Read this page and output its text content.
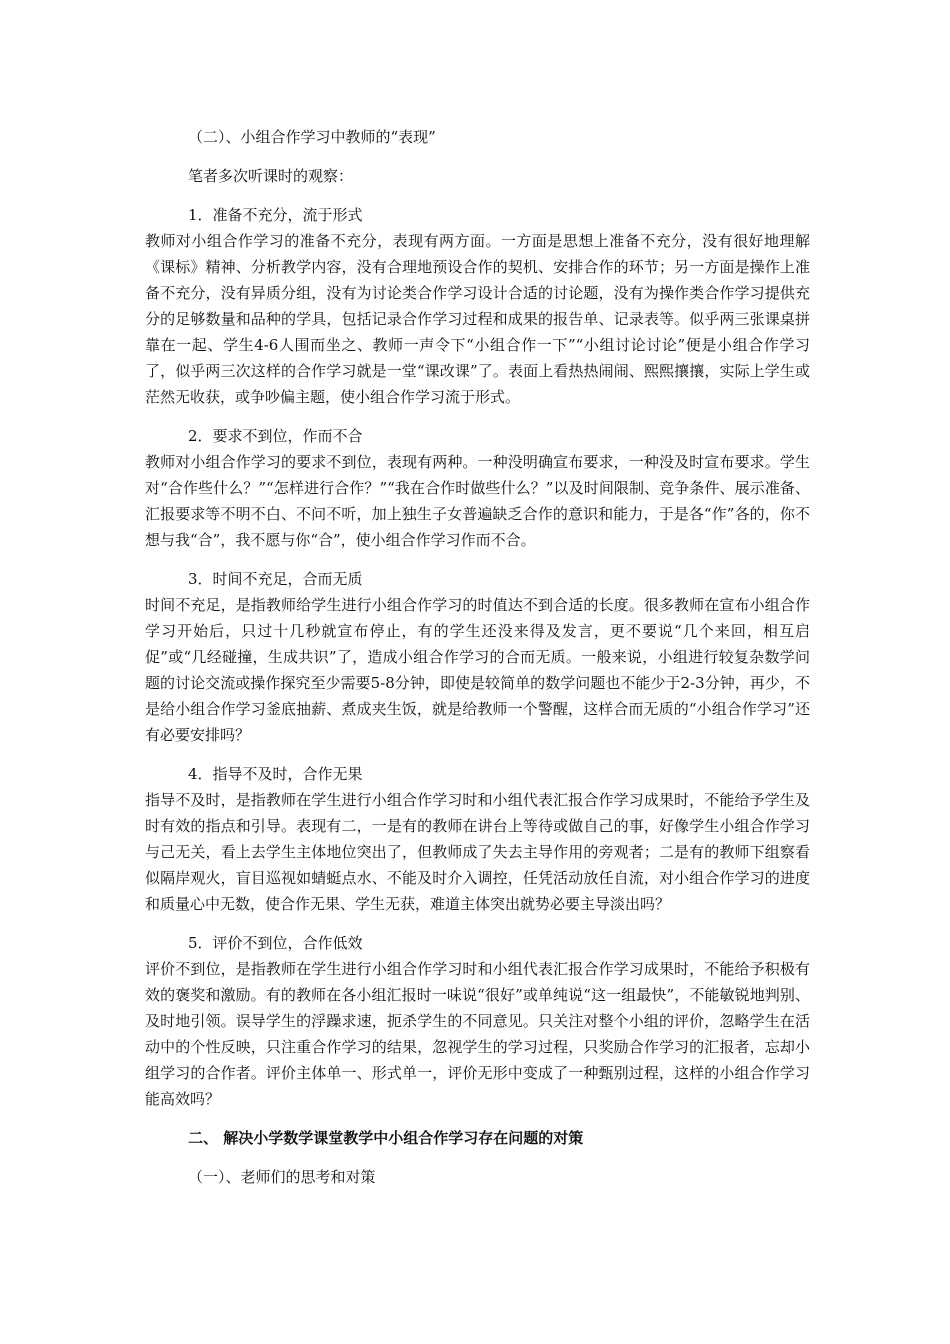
（二）、小组合作学习中教师的“表现”

笔者多次听课时的观察：

1．准备不充分，流于形式

教师对小组合作学习的准备不充分，表现有两方面。一方面是思想上准备不充分，没有很好地理解《课标》精神、分析教学内容，没有合理地预设合作的契机、安排合作的环节；另一方面是操作上准备不充分，没有异质分组，没有为讨论类合作学习设计合适的讨论题，没有为操作类合作学习提供充分的足够数量和品种的学具，包括记录合作学习过程和成果的报告单、记录表等。似乎两三张课桌拼靠在一起、学生4-6人围而坐之、教师一声令下“小组合作一下”“小组讨论讨论”便是小组合作学习了，似乎两三次这样的合作学习就是一堂“课改课”了。表面上看热热闹闹、熙熙攘攘，实际上学生或茫然无收获，或争吵偏主题，使小组合作学习流于形式。

2．要求不到位，作而不合

教师对小组合作学习的要求不到位，表现有两种。一种没明确宣布要求，一种没及时宣布要求。学生对“合作些什么？”“怎样进行合作？”“我在合作时做些什么？”以及时间限制、竞争条件、展示准备、汇报要求等不明不白、不问不听，加上独生子女普遍缺乏合作的意识和能力，于是各“作”各的，你不想与我“合”，我不愿与你“合”，使小组合作学习作而不合。

3．时间不充足，合而无质

时间不充足，是指教师给学生进行小组合作学习的时值达不到合适的长度。很多教师在宣布小组合作学习开始后，只过十几秒就宣布停止，有的学生还没来得及发言，更不要说“几个来回，相互启促”或“几经碰撞，生成共识”了，造成小组合作学习的合而无质。一般来说，小组进行较复杂数学问题的讨论交流或操作探究至少需要5-8分钟，即使是较简单的数学问题也不能少于2-3分钟，再少，不是给小组合作学习釜底抽薪、煮成夹生饭，就是给教师一个警醒，这样合而无质的“小组合作学习”还有必要安排吗？

4．指导不及时，合作无果

指导不及时，是指教师在学生进行小组合作学习时和小组代表汇报合作学习成果时，不能给予学生及时有效的指点和引导。表现有二，一是有的教师在讲台上等待或做自己的事，好像学生小组合作学习与己无关，看上去学生主体地位突出了，但教师成了失去主导作用的旁观者；二是有的教师下组察看似隔岸观火，盲目巡视如蜻蜓点水、不能及时介入调控，任凭活动放任自流，对小组合作学习的进度和质量心中无数，使合作无果、学生无获，难道主体突出就势必要主导淡出吗？

5．评价不到位，合作低效

评价不到位，是指教师在学生进行小组合作学习时和小组代表汇报合作学习成果时，不能给予积极有效的褒奖和激励。有的教师在各小组汇报时一味说“很好”或单纯说“这一组最快”，不能敏锐地判别、及时地引领。误导学生的浮躁求速，扼杀学生的不同意见。只关注对整个小组的评价，忽略学生在活动中的个性反映，只注重合作学习的结果，忽视学生的学习过程，只奖励合作学习的汇报者，忘却小组学习的合作者。评价主体单一、形式单一，评价无形中变成了一种甄别过程，这样的小组合作学习能高效吗？

二、 解决小学数学课堂教学中小组合作学习存在问题的对策

（一）、老师们的思考和对策
